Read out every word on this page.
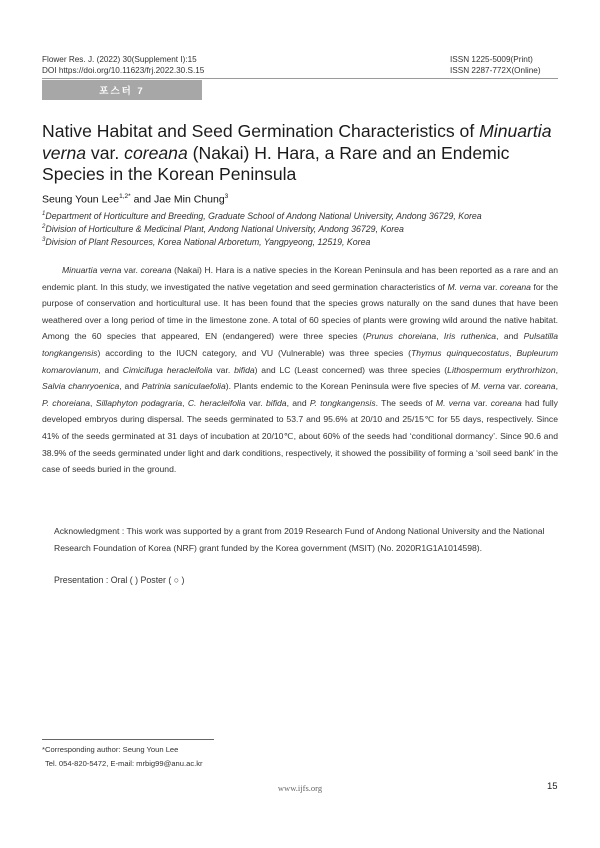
Flower Res. J. (2022) 30(Supplement I):15
DOI https://doi.org/10.11623/frj.2022.30.S.15
ISSN 1225-5009(Print)
ISSN 2287-772X(Online)
포스터 7
Native Habitat and Seed Germination Characteristics of Minuartia verna var. coreana (Nakai) H. Hara, a Rare and an Endemic Species in the Korean Peninsula
Seung Youn Lee$^{1,2*}$ and Jae Min Chung$^3$
$^1$Department of Horticulture and Breeding, Graduate School of Andong National University, Andong 36729, Korea
$^2$Division of Horticulture & Medicinal Plant, Andong National University, Andong 36729, Korea
$^3$Division of Plant Resources, Korea National Arboretum, Yangpyeong, 12519, Korea

Minuartia verna var. coreana (Nakai) H. Hara is a native species in the Korean Peninsula and has been reported as a rare and an endemic plant. In this study, we investigated the native vegetation and seed germination characteristics of M. verna var. coreana for the purpose of conservation and horticultural use. It has been found that the species grows naturally on the sand dunes that have been weathered over a long period of time in the limestone zone. A total of 60 species of plants were growing wild around the native habitat. Among the 60 species that appeared, EN (endangered) were three species (Prunus choreiana, Iris ruthenica, and Pulsatilla tongkangensis) according to the IUCN category, and VU (Vulnerable) was three species (Thymus quinquecostatus, Bupleurum komarovianum, and Cimicifuga heracleifolia var. bifida) and LC (Least concerned) was three species (Lithospermum erythrorhizon, Salvia chanryoenica, and Patrinia saniculaefolia). Plants endemic to the Korean Peninsula were five species of M. verna var. coreana, P. choreiana, Sillaphyton podagraria, C. heracleifolia var. bifida, and P. tongkangensis. The seeds of M. verna var. coreana had fully developed embryos during dispersal. The seeds germinated to 53.7 and 95.6% at 20/10 and 25/15℃ for 55 days, respectively. Since 41% of the seeds germinated at 31 days of incubation at 20/10℃, about 60% of the seeds had ‘conditional dormancy’. Since 90.6 and 38.9% of the seeds germinated under light and dark conditions, respectively, it showed the possibility of forming a ‘soil seed bank’ in the case of seeds buried in the ground.

Acknowledgment : This work was supported by a grant from 2019 Research Fund of Andong National University and the National Research Foundation of Korea (NRF) grant funded by the Korea government (MSIT) (No. 2020R1G1A1014598).

Presentation : Oral ( ) Poster ( ○ )
*Corresponding author: Seung Youn Lee
Tel. 054-820-5472, E-mail: mrbig99@anu.ac.kr
www.ijfs.org	15
